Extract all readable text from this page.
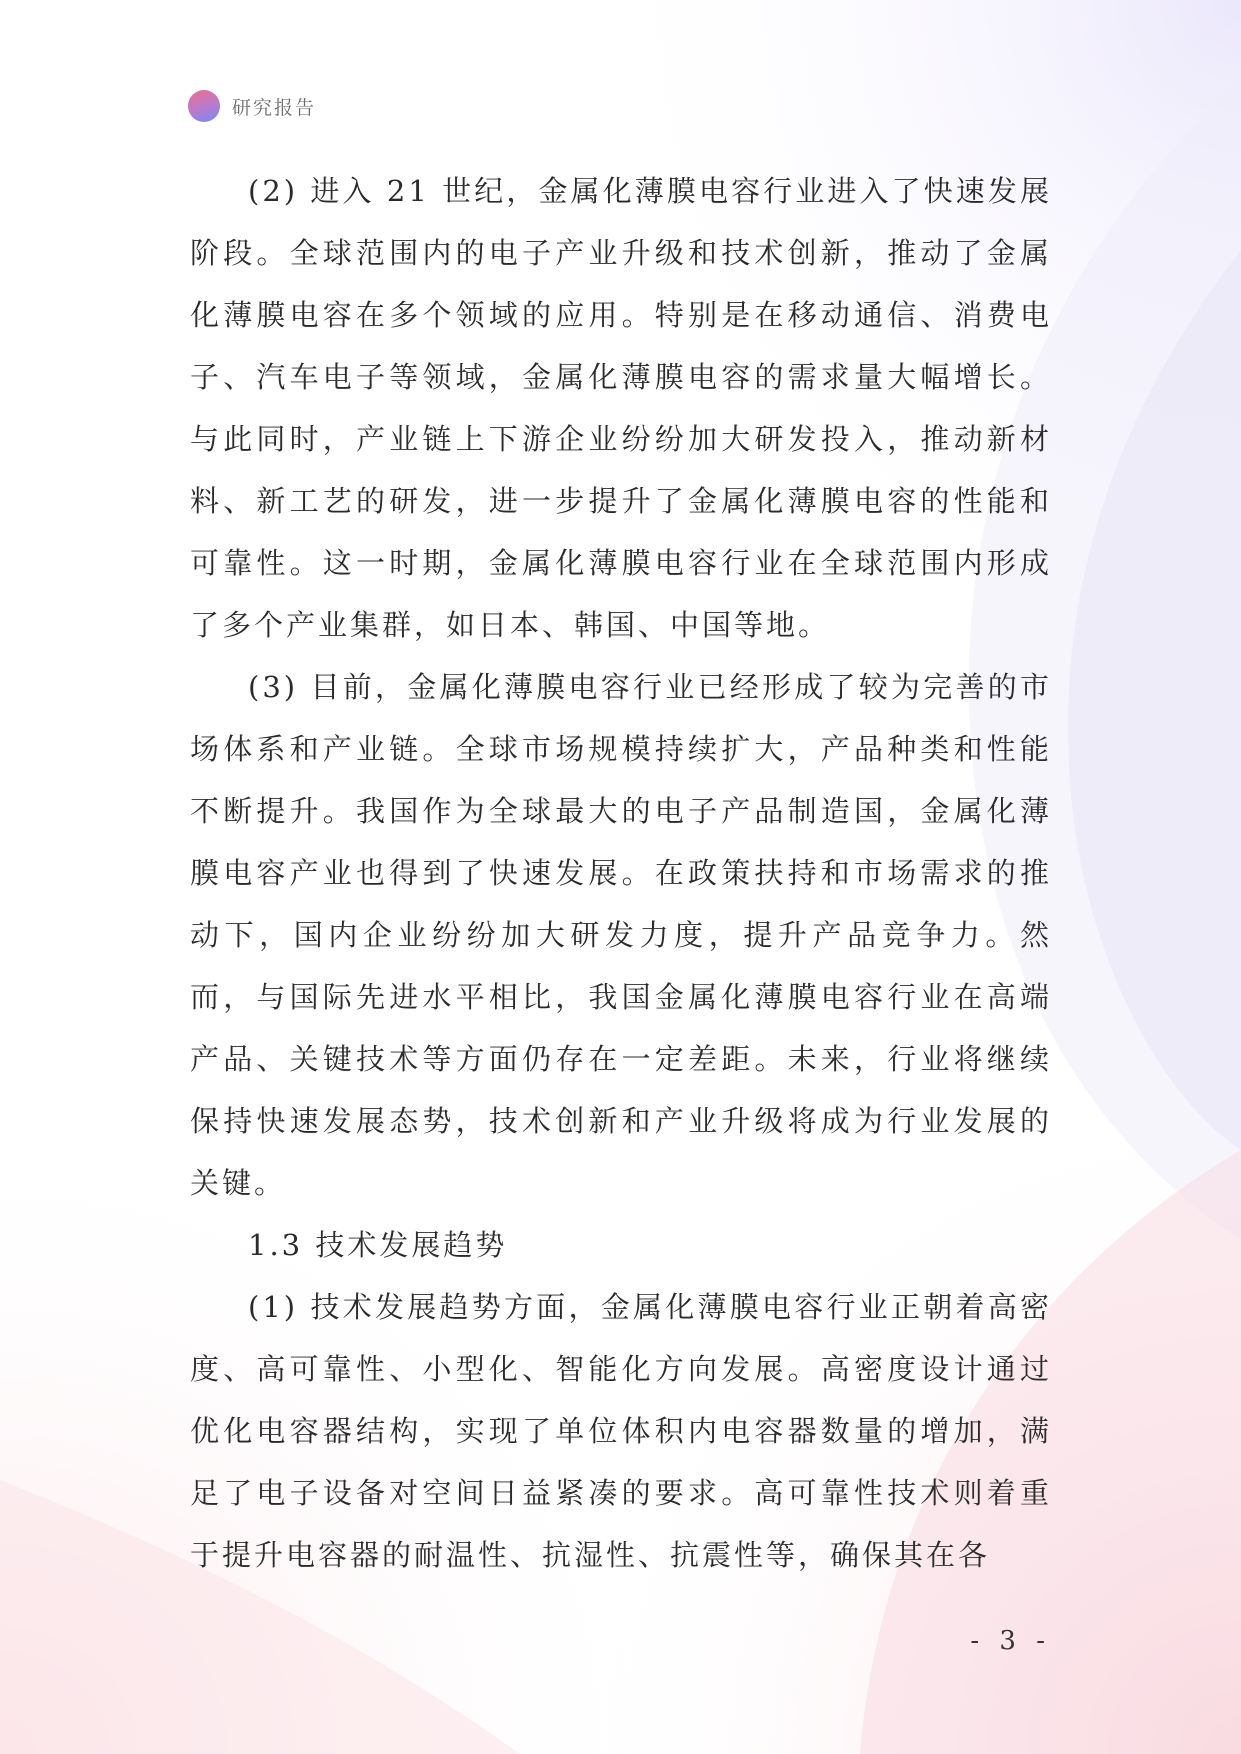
研究报告

(2) 进入 21 世纪，金属化薄膜电容行业进入了快速发展阶段。全球范围内的电子产业升级和技术创新，推动了金属化薄膜电容在多个领域的应用。特别是在移动通信、消费电子、汽车电子等领域，金属化薄膜电容的需求量大幅增长。与此同时，产业链上下游企业纷纷加大研发投入，推动新材料、新工艺的研发，进一步提升了金属化薄膜电容的性能和可靠性。这一时期，金属化薄膜电容行业在全球范围内形成了多个产业集群，如日本、韩国、中国等地。

(3) 目前，金属化薄膜电容行业已经形成了较为完善的市场体系和产业链。全球市场规模持续扩大，产品种类和性能不断提升。我国作为全球最大的电子产品制造国，金属化薄膜电容产业也得到了快速发展。在政策扶持和市场需求的推动下，国内企业纷纷加大研发力度，提升产品竞争力。然而，与国际先进水平相比，我国金属化薄膜电容行业在高端产品、关键技术等方面仍存在一定差距。未来，行业将继续保持快速发展态势，技术创新和产业升级将成为行业发展的关键。

1.3 技术发展趋势

(1) 技术发展趋势方面，金属化薄膜电容行业正朝着高密度、高可靠性、小型化、智能化方向发展。高密度设计通过优化电容器结构，实现了单位体积内电容器数量的增加，满足了电子设备对空间日益紧凑的要求。高可靠性技术则着重于提升电容器的耐温性、抗湿性、抗震性等，确保其在各

- 3 -
